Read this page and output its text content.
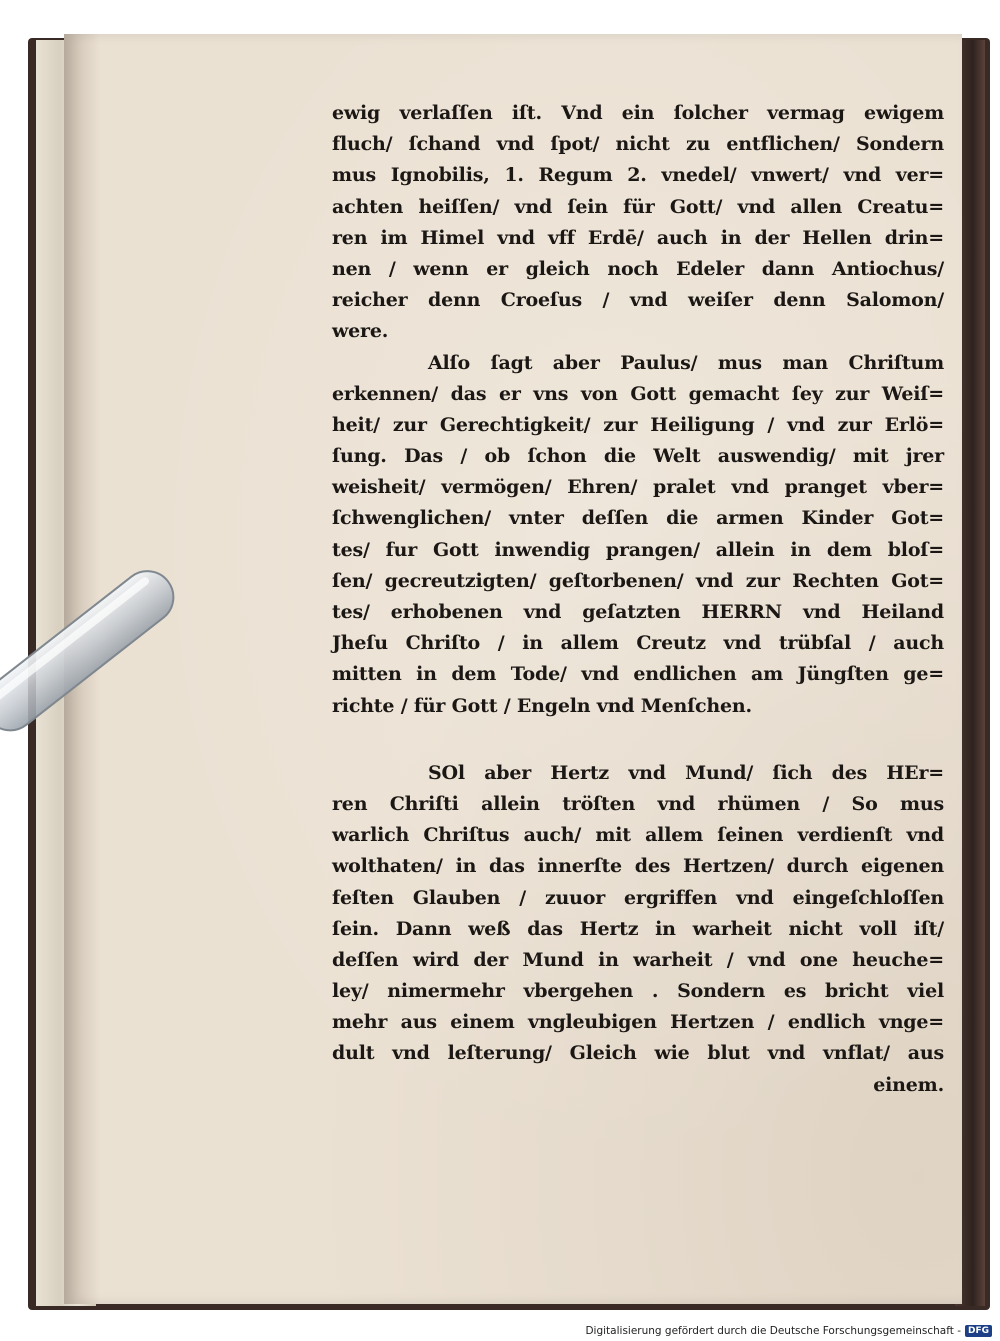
ewig verlaſſen iſt. Vnd ein ſolcher vermag ewigem
fluch/ ſchand vnd ſpot/ nicht zu entflichen/ Sondern
mus Ignobilis, 1. Regum 2. vnedel/ vnwert/ vnd ver=
achten heiſſen/ vnd ſein für Gott/ vnd allen Creatu=
ren im Himel vnd vff Erdē/ auch in der Hellen drin=
nen / wenn er gleich noch Edeler dann Antiochus/
reicher denn Croeſus / vnd weiſer denn Salomon/
were.
Alſo ſagt aber Paulus/ mus man Chriſtum
erkennen/ das er vns von Gott gemacht ſey zur Weiſ=
heit/ zur Gerechtigkeit/ zur Heiligung / vnd zur Erlö=
ſung. Das / ob ſchon die Welt auswendig/ mit jrer
weisheit/ vermögen/ Ehren/ pralet vnd pranget vber=
ſchwenglichen/ vnter deſſen die armen Kinder Got=
tes/ fur Gott inwendig prangen/ allein in dem bloſ=
ſen/ gecreutzigten/ geſtorbenen/ vnd zur Rechten Got=
tes/ erhobenen vnd geſatzten HERRN vnd Heiland
Jheſu Chriſto / in allem Creutz vnd trübſal / auch
mitten in dem Tode/ vnd endlichen am Jüngſten ge=
richte / für Gott / Engeln vnd Menſchen.
SOl aber Hertz vnd Mund/ ſich des HEr=
ren Chriſti allein tröſten vnd rhümen / So mus
warlich Chriſtus auch/ mit allem ſeinen verdienſt vnd
wolthaten/ in das innerſte des Hertzen/ durch eigenen
feſten Glauben / zuuor ergriffen vnd eingeſchloſſen
ſein. Dann weß das Hertz in warheit nicht voll iſt/
deſſen wird der Mund in warheit / vnd one heuche=
ley/ nimermehr vbergehen . Sondern es bricht viel
mehr aus einem vngleubigen Hertzen / endlich vnge=
dult vnd leſterung/ Gleich wie blut vnd vnflat/ aus
einem.
Digitalisierung gefördert durch die Deutsche Forschungsgemeinschaft - DFG
